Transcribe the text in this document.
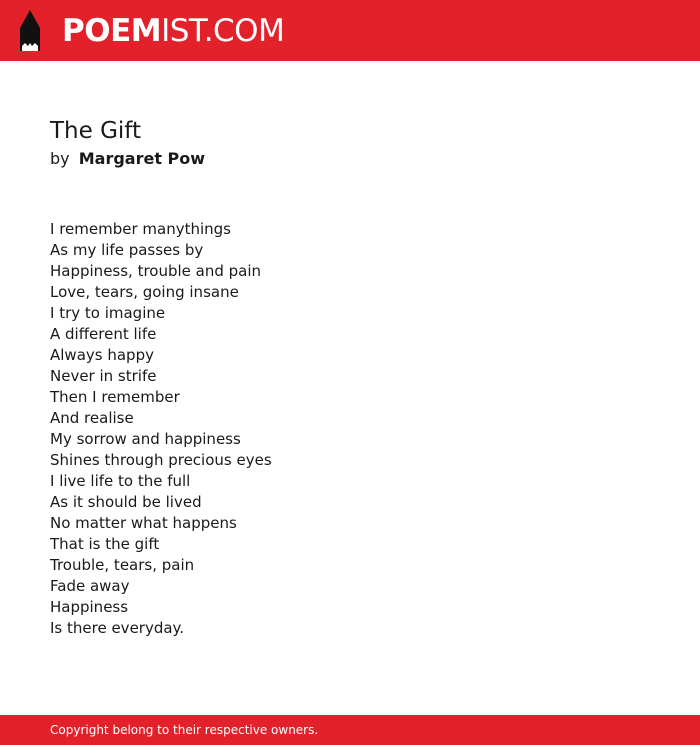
POEMIST.COM
The Gift
by Margaret Pow
I remember manythings
As my life passes by
Happiness, trouble and pain
Love, tears, going insane
I try to imagine
A different life
Always happy
Never in strife
Then I remember
And realise
My sorrow and happiness
Shines through precious eyes
I live life to the full
As it should be lived
No matter what happens
That is the gift
Trouble, tears, pain
Fade away
Happiness
Is there everyday.
Copyright belong to their respective owners.
